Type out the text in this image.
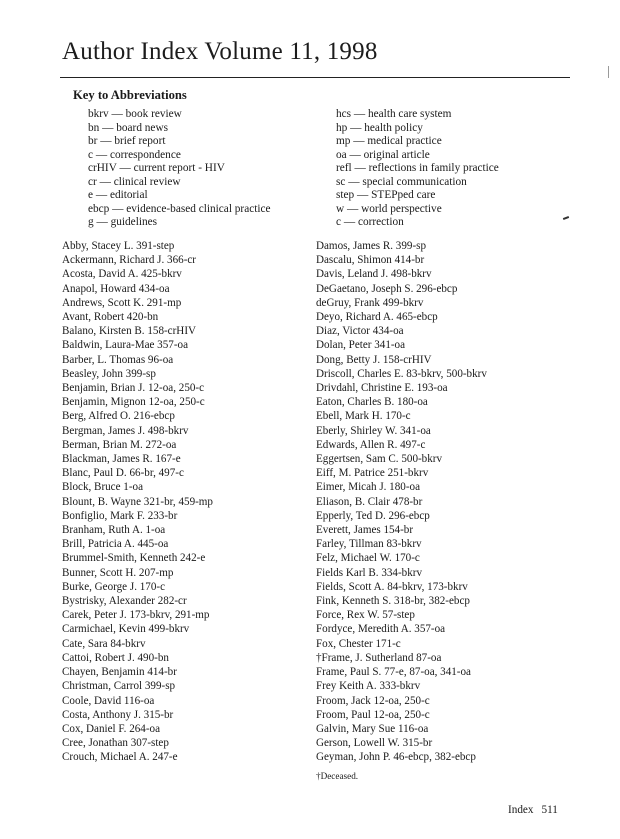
Author Index Volume 11, 1998
Key to Abbreviations
bkrv — book review
bn — board news
br — brief report
c — correspondence
crHIV — current report - HIV
cr — clinical review
e — editorial
ebcp — evidence-based clinical practice
g — guidelines
hcs — health care system
hp — health policy
mp — medical practice
oa — original article
refl — reflections in family practice
sc — special communication
step — STEPped care
w — world perspective
c — correction
Abby, Stacey L. 391-step
Ackermann, Richard J. 366-cr
Acosta, David A. 425-bkrv
Anapol, Howard 434-oa
Andrews, Scott K. 291-mp
Avant, Robert 420-bn
Balano, Kirsten B. 158-crHIV
Baldwin, Laura-Mae 357-oa
Barber, L. Thomas 96-oa
Beasley, John 399-sp
Benjamin, Brian J. 12-oa, 250-c
Benjamin, Mignon 12-oa, 250-c
Berg, Alfred O. 216-ebcp
Bergman, James J. 498-bkrv
Berman, Brian M. 272-oa
Blackman, James R. 167-e
Blanc, Paul D. 66-br, 497-c
Block, Bruce 1-oa
Blount, B. Wayne 321-br, 459-mp
Bonfiglio, Mark F. 233-br
Branham, Ruth A. 1-oa
Brill, Patricia A. 445-oa
Brummel-Smith, Kenneth 242-e
Bunner, Scott H. 207-mp
Burke, George J. 170-c
Bystrisky, Alexander 282-cr
Carek, Peter J. 173-bkrv, 291-mp
Carmichael, Kevin 499-bkrv
Cate, Sara 84-bkrv
Cattoi, Robert J. 490-bn
Chayen, Benjamin 414-br
Christman, Carrol 399-sp
Coole, David 116-oa
Costa, Anthony J. 315-br
Cox, Daniel F. 264-oa
Cree, Jonathan 307-step
Crouch, Michael A. 247-e
Damos, James R. 399-sp
Dascalu, Shimon 414-br
Davis, Leland J. 498-bkrv
DeGaetano, Joseph S. 296-ebcp
deGruy, Frank 499-bkrv
Deyo, Richard A. 465-ebcp
Diaz, Victor 434-oa
Dolan, Peter 341-oa
Dong, Betty J. 158-crHIV
Driscoll, Charles E. 83-bkrv, 500-bkrv
Drivdahl, Christine E. 193-oa
Eaton, Charles B. 180-oa
Ebell, Mark H. 170-c
Eberly, Shirley W. 341-oa
Edwards, Allen R. 497-c
Eggertsen, Sam C. 500-bkrv
Eiff, M. Patrice 251-bkrv
Eimer, Micah J. 180-oa
Eliason, B. Clair 478-br
Epperly, Ted D. 296-ebcp
Everett, James 154-br
Farley, Tillman 83-bkrv
Felz, Michael W. 170-c
Fields Karl B. 334-bkrv
Fields, Scott A. 84-bkrv, 173-bkrv
Fink, Kenneth S. 318-br, 382-ebcp
Force, Rex W. 57-step
Fordyce, Meredith A. 357-oa
Fox, Chester 171-c
†Frame, J. Sutherland 87-oa
Frame, Paul S. 77-e, 87-oa, 341-oa
Frey Keith A. 333-bkrv
Froom, Jack 12-oa, 250-c
Froom, Paul 12-oa, 250-c
Galvin, Mary Sue 116-oa
Gerson, Lowell W. 315-br
Geyman, John P. 46-ebcp, 382-ebcp
†Deceased.
Index 511
